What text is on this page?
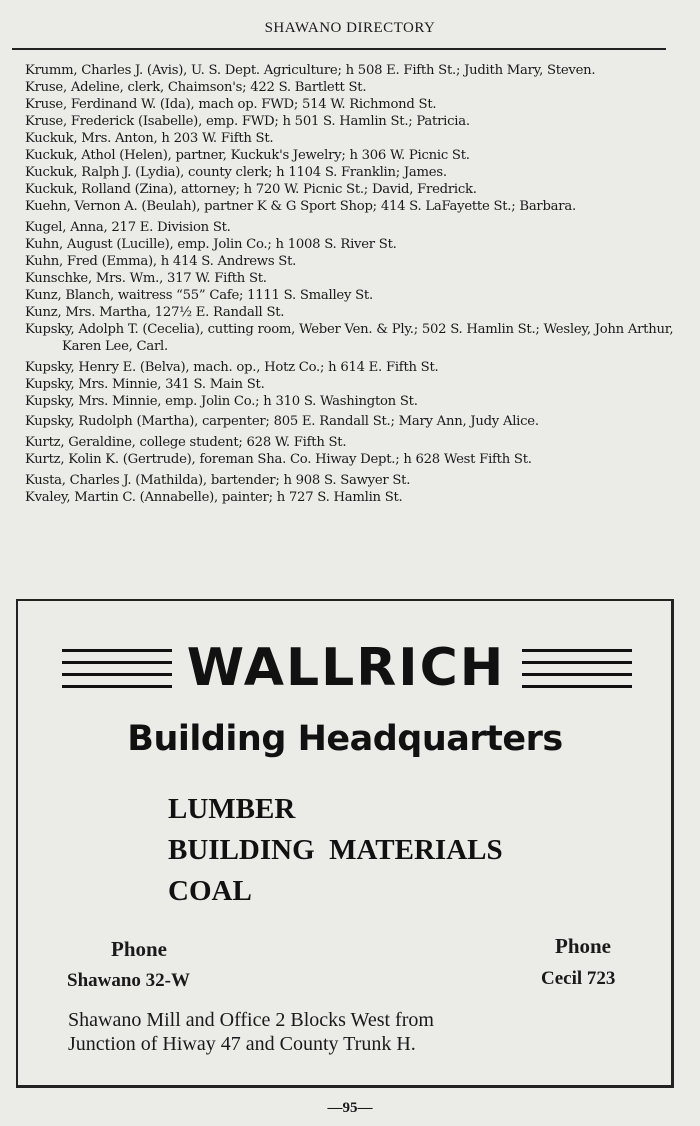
SHAWANO DIRECTORY

Krumm, Charles J. (Avis), U. S. Dept. Agriculture; h 508 E. Fifth St.; Judith Mary, Steven.

Kruse, Adeline, clerk, Chaimson's; 422 S. Bartlett St.

Kruse, Ferdinand W. (Ida), mach op. FWD; 514 W. Richmond St.

Kruse, Frederick (Isabelle), emp. FWD; h 501 S. Hamlin St.; Patricia.

Kuckuk, Mrs. Anton, h 203 W. Fifth St.

Kuckuk, Athol (Helen), partner, Kuckuk's Jewelry; h 306 W. Picnic St.

Kuckuk, Ralph J. (Lydia), county clerk; h 1104 S. Franklin; James.

Kuckuk, Rolland (Zina), attorney; h 720 W. Picnic St.; David, Fredrick.

Kuehn, Vernon A. (Beulah), partner K & G Sport Shop; 414 S. LaFayette St.; Barbara.

Kugel, Anna, 217 E. Division St.

Kuhn, August (Lucille), emp. Jolin Co.; h 1008 S. River St.

Kuhn, Fred (Emma), h 414 S. Andrews St.

Kunschke, Mrs. Wm., 317 W. Fifth St.

Kunz, Blanch, waitress “55” Cafe; 1111 S. Smalley St.

Kunz, Mrs. Martha, 127½ E. Randall St.

Kupsky, Adolph T. (Cecelia), cutting room, Weber Ven. & Ply.; 502 S. Hamlin St.; Wesley, John Arthur, Karen Lee, Carl.

Kupsky, Henry E. (Belva), mach. op., Hotz Co.; h 614 E. Fifth St.

Kupsky, Mrs. Minnie, 341 S. Main St.

Kupsky, Mrs. Minnie, emp. Jolin Co.; h 310 S. Washington St.

Kupsky, Rudolph (Martha), carpenter; 805 E. Randall St.; Mary Ann, Judy Alice.

Kurtz, Geraldine, college student; 628 W. Fifth St.

Kurtz, Kolin K. (Gertrude), foreman Sha. Co. Hiway Dept.; h 628 West Fifth St.

Kusta, Charles J. (Mathilda), bartender; h 908 S. Sawyer St.

Kvaley, Martin C. (Annabelle), painter; h 727 S. Hamlin St.

WALLRICH
Building Headquarters
LUMBER
BUILDING  MATERIALS
COAL
Phone
Shawano 32-W
Phone
Cecil 723
Shawano Mill and Office 2 Blocks West from
Junction of Hiway 47 and County Trunk H.
—95—
